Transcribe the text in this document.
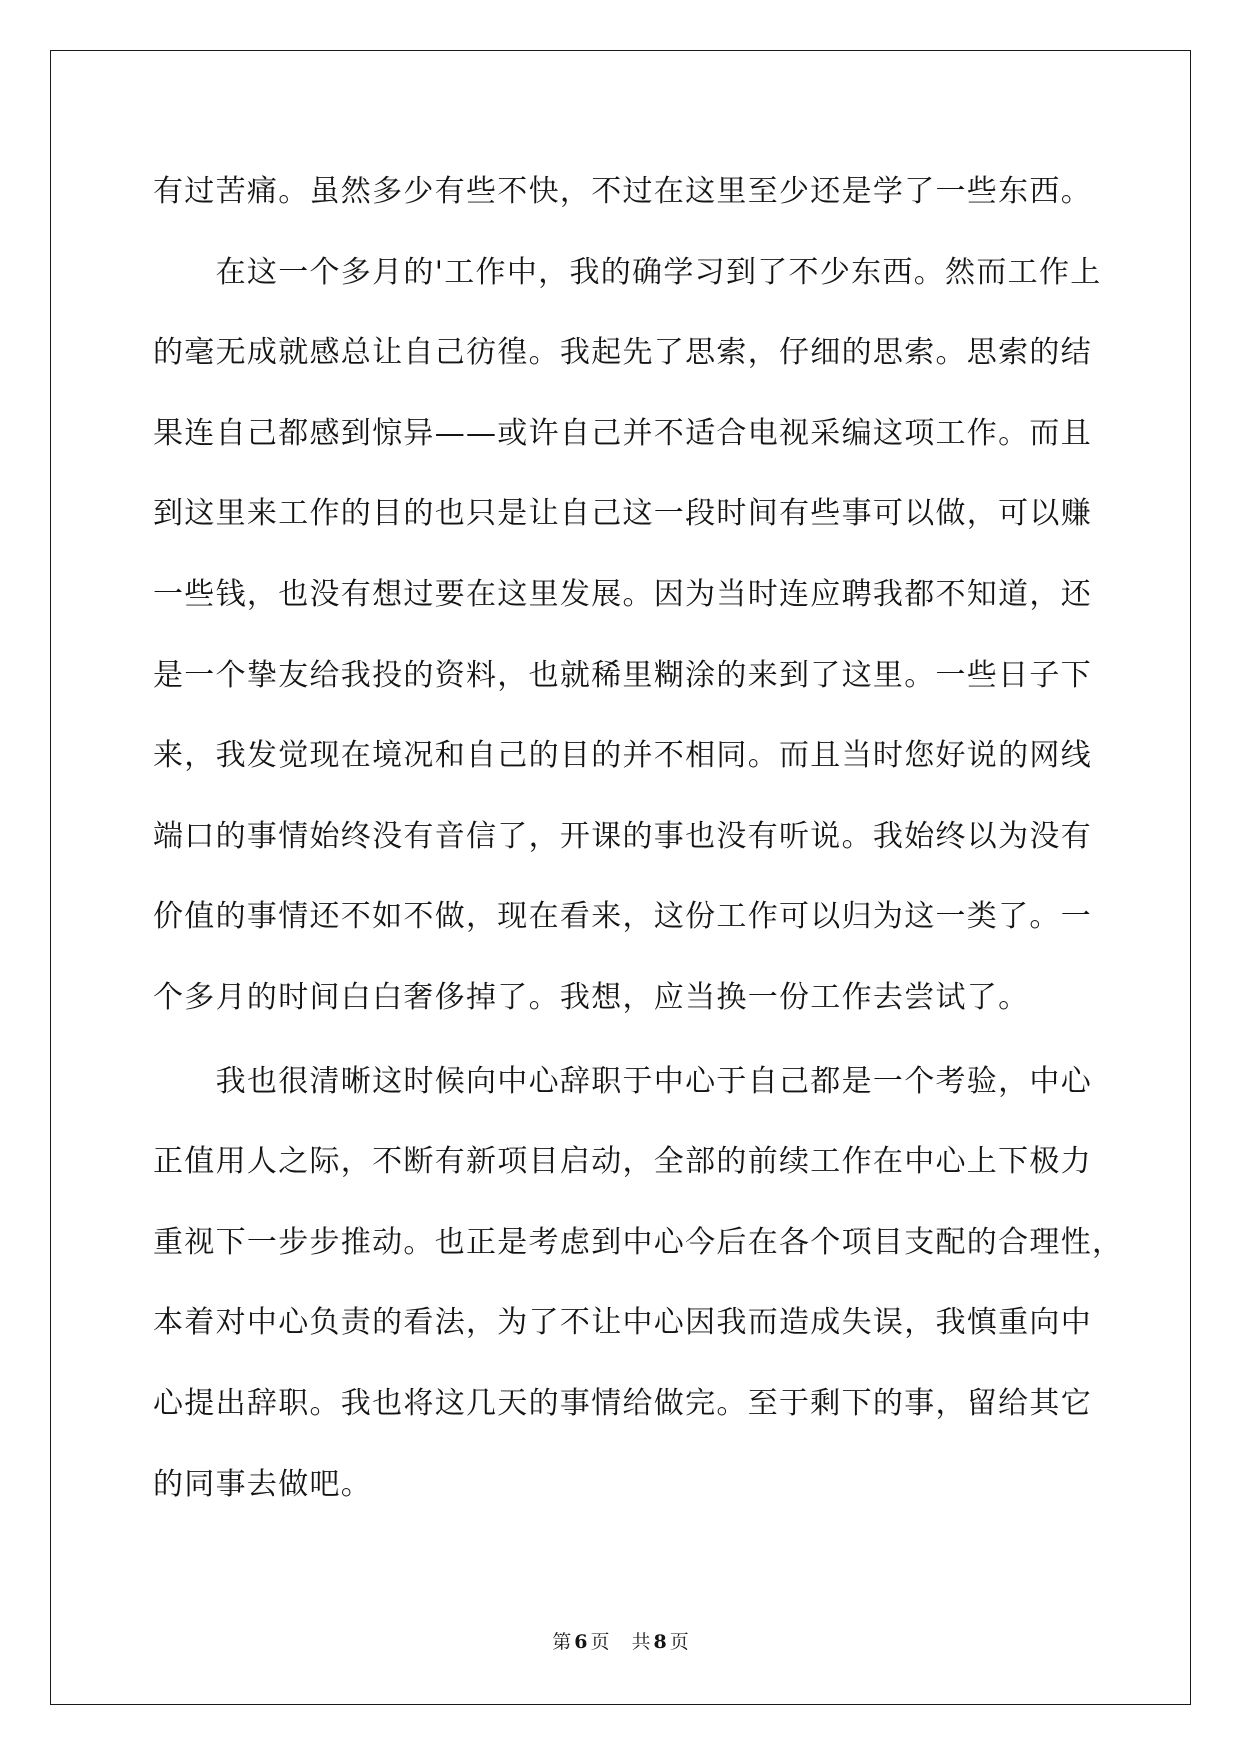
有过苦痛。虽然多少有些不快，不过在这里至少还是学了一些东西。
在这一个多月的'工作中，我的确学习到了不少东西。然而工作上
的毫无成就感总让自己彷徨。我起先了思索，仔细的思索。思索的结
果连自己都感到惊异——或许自己并不适合电视采编这项工作。而且
到这里来工作的目的也只是让自己这一段时间有些事可以做，可以赚
一些钱，也没有想过要在这里发展。因为当时连应聘我都不知道，还
是一个挚友给我投的资料，也就稀里糊涂的来到了这里。一些日子下
来，我发觉现在境况和自己的目的并不相同。而且当时您好说的网线
端口的事情始终没有音信了，开课的事也没有听说。我始终以为没有
价值的事情还不如不做，现在看来，这份工作可以归为这一类了。一
个多月的时间白白奢侈掉了。我想，应当换一份工作去尝试了。
我也很清晰这时候向中心辞职于中心于自己都是一个考验，中心
正值用人之际，不断有新项目启动，全部的前续工作在中心上下极力
重视下一步步推动。也正是考虑到中心今后在各个项目支配的合理性，
本着对中心负责的看法，为了不让中心因我而造成失误，我慎重向中
心提出辞职。我也将这几天的事情给做完。至于剩下的事，留给其它
的同事去做吧。
第 6 页 共 8 页
